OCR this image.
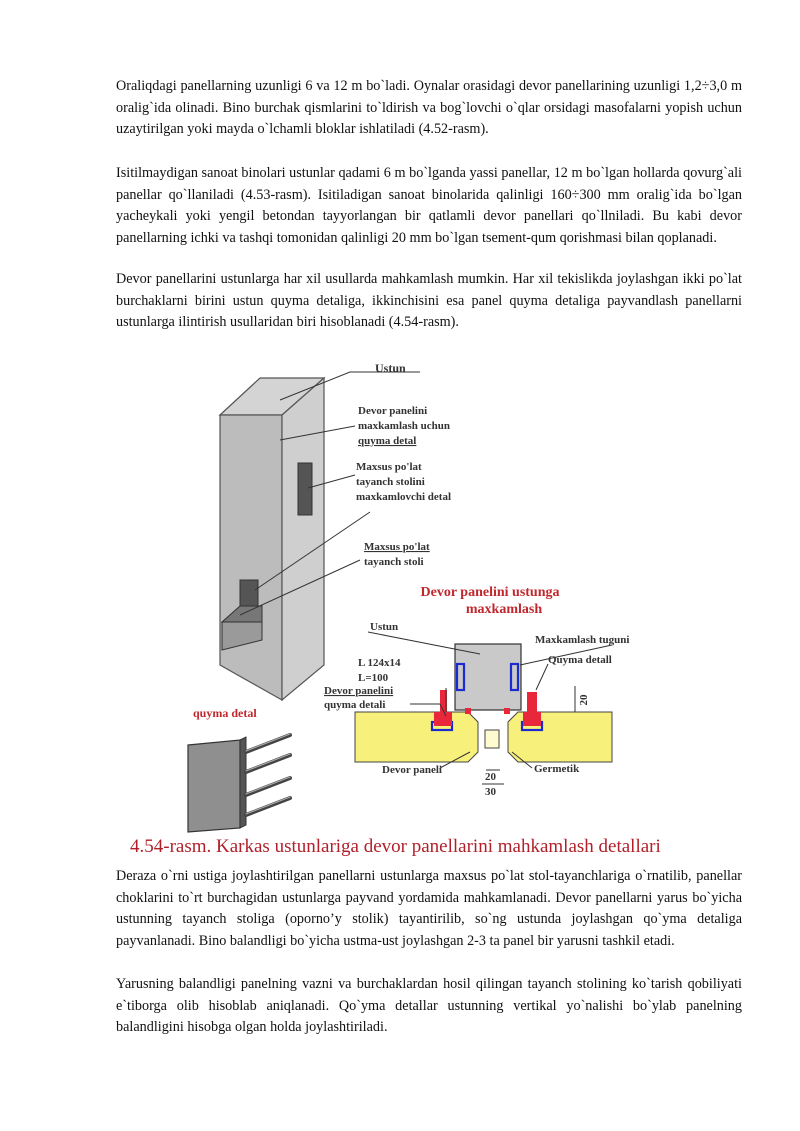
Oraliqdagi panellarning uzunligi 6 va 12 m bo`ladi. Oynalar orasidagi devor panellarining uzunligi 1,2÷3,0 m oralig`ida olinadi. Bino burchak qismlarini to`ldirish va bog`lovchi o`qlar orsidagi masofalarni yopish uchun uzaytirilgan yoki mayda o`lchamli bloklar ishlatiladi (4.52-rasm).

Isitilmaydigan sanoat binolari ustunlar qadami 6 m bo`lganda yassi panellar, 12 m bo`lgan hollarda qovurg`ali panellar qo`llaniladi (4.53-rasm). Isitiladigan sanoat binolarida qalinligi 160÷300 mm oralig`ida bo`lgan yacheykali yoki yengil betondan tayyorlangan bir qatlamli devor panellari qo`llniladi. Bu kabi devor panellarning ichki va tashqi tomonidan qalinligi 20 mm bo`lgan tsement-qum qorishmasi bilan qoplanadi.

Devor panellarini ustunlarga har xil usullarda mahkamlash mumkin. Har xil tekislikda joylashgan ikki po`lat burchaklarni birini ustun quyma detaliga, ikkinchisini esa panel quyma detaliga payvandlash panellarni ustunlarga ilintirish usullaridan biri hisoblanadi (4.54-rasm).

Ustun
Devor panelini
maxkamlash uchun
quyma detal
Maxsus po'lat
tayanch stolini
maxkamlovchi detal
Maxsus po'lat
tayanch stoli
Devor panelini ustunga
maxkamlash
Ustun
Maxkamlash tuguni
Quyma detall
L 124x14
L=100
Devor panelini
quyma detali	20
Devor paneli	Germetik
20
30
quyma detal
4.54-rasm. Karkas ustunlariga devor panellarini mahkamlash detallari

Deraza o`rni ustiga joylashtirilgan panellarni ustunlarga maxsus po`lat stol-tayanchlariga o`rnatilib, panellar choklarini to`rt burchagidan ustunlarga payvand yordamida mahkamlanadi. Devor panellarni yarus bo`yicha ustunning tayanch stoliga (oporno’y stolik) tayantirilib, so`ng ustunda joylashgan qo`yma detaliga payvanlanadi. Bino balandligi bo`yicha ustma-ust joylashgan 2-3 ta panel bir yarusni tashkil etadi.

Yarusning balandligi panelning vazni va burchaklardan hosil qilingan tayanch stolining ko`tarish qobiliyati e`tiborga olib hisoblab aniqlanadi. Qo`yma detallar ustunning vertikal yo`nalishi bo`ylab panelning balandligini hisobga olgan holda joylashtiriladi.
